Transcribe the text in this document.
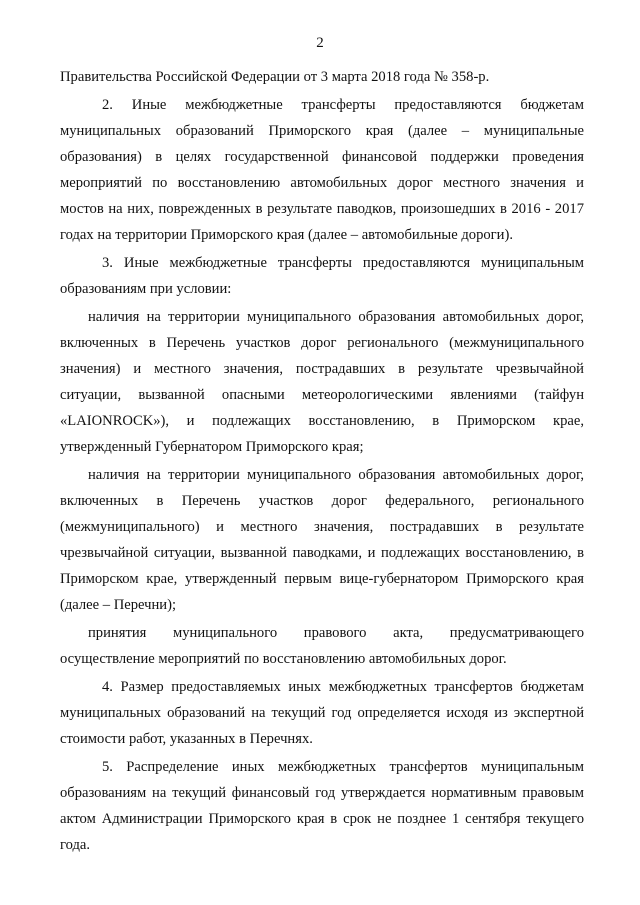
2

Правительства Российской Федерации от 3 марта 2018 года № 358-р.

2. Иные межбюджетные трансферты предоставляются бюджетам муниципальных образований Приморского края (далее – муниципальные образования) в целях государственной финансовой поддержки проведения мероприятий по восстановлению автомобильных дорог местного значения и мостов на них, поврежденных в результате паводков, произошедших в 2016 - 2017 годах на территории Приморского края (далее – автомобильные дороги).

3. Иные межбюджетные трансферты предоставляются муниципальным образованиям при условии:

наличия на территории муниципального образования автомобильных дорог, включенных в Перечень участков дорог регионального (межмуниципального значения) и местного значения, пострадавших в результате чрезвычайной ситуации, вызванной опасными метеорологическими явлениями (тайфун «LAIONROCK»), и подлежащих восстановлению, в Приморском крае, утвержденный Губернатором Приморского края;

наличия на территории муниципального образования автомобильных дорог, включенных в Перечень участков дорог федерального, регионального (межмуниципального) и местного значения, пострадавших в результате чрезвычайной ситуации, вызванной паводками, и подлежащих восстановлению, в Приморском крае, утвержденный первым вице-губернатором Приморского края (далее – Перечни);

принятия муниципального правового акта, предусматривающего осуществление мероприятий по восстановлению автомобильных дорог.

4. Размер предоставляемых иных межбюджетных трансфертов бюджетам муниципальных образований на текущий год определяется исходя из экспертной стоимости работ, указанных в Перечнях.

5. Распределение иных межбюджетных трансфертов муниципальным образованиям на текущий финансовый год утверждается нормативным правовым актом Администрации Приморского края в срок не позднее 1 сентября текущего года.
